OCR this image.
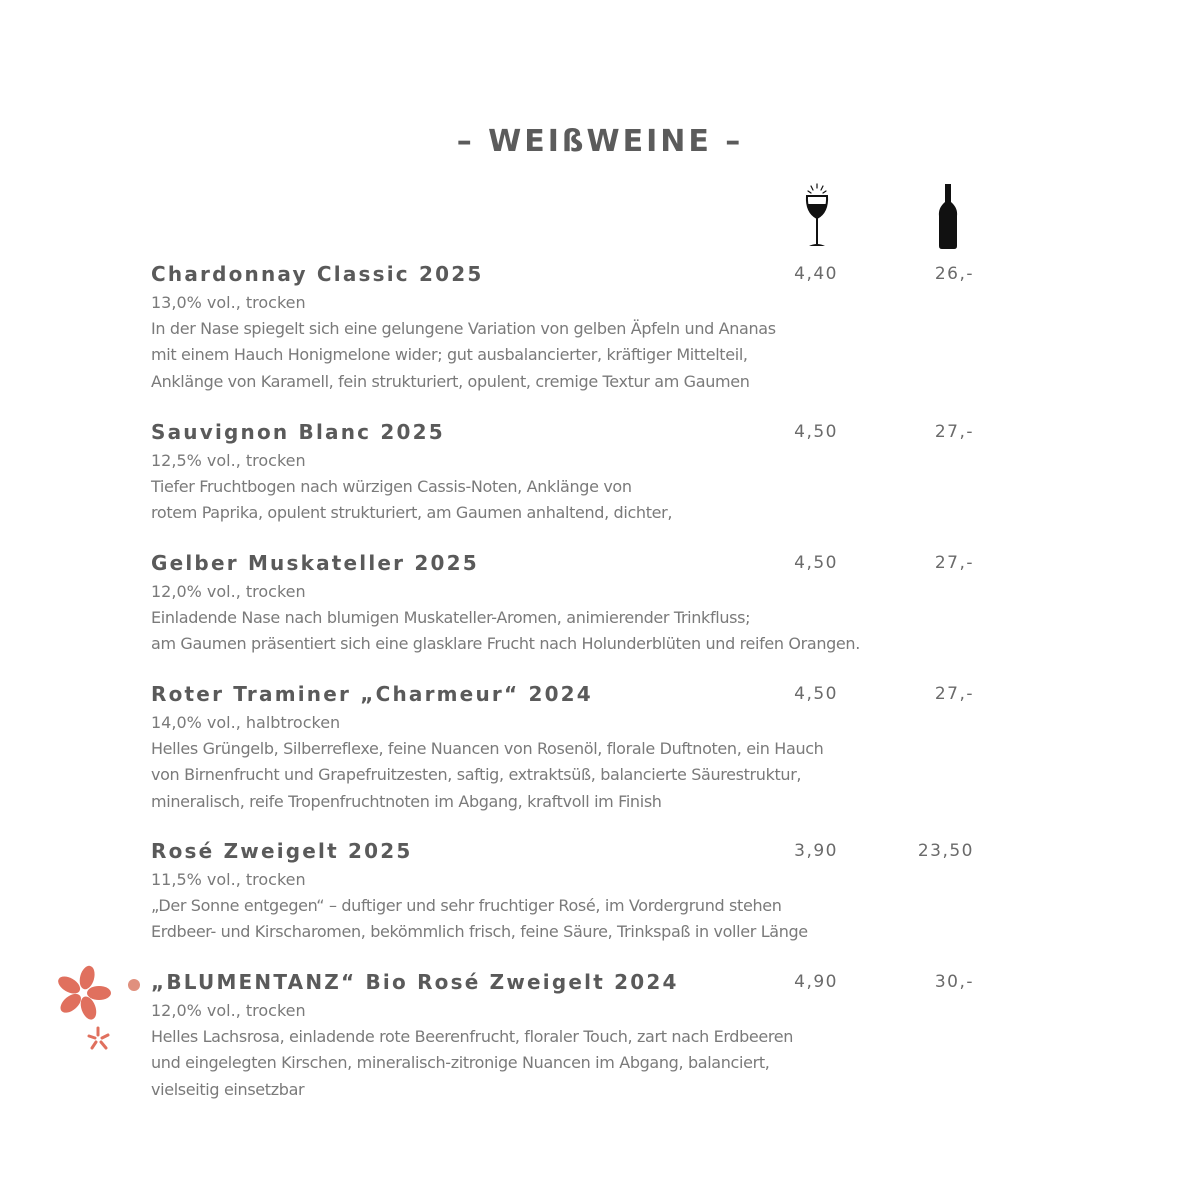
– WEIßWEINE –
Chardonnay Classic 2025	4,40	26,-
13,0% vol., trocken
In der Nase spiegelt sich eine gelungene Variation von gelben Äpfeln und Ananas
mit einem Hauch Honigmelone wider; gut ausbalancierter, kräftiger Mittelteil,
Anklänge von Karamell, fein strukturiert, opulent, cremige Textur am Gaumen
Sauvignon Blanc 2025	4,50	27,-
12,5% vol., trocken
Tiefer Fruchtbogen nach würzigen Cassis-Noten, Anklänge von
rotem Paprika, opulent strukturiert, am Gaumen anhaltend, dichter,
Gelber Muskateller 2025	4,50	27,-
12,0% vol., trocken
Einladende Nase nach blumigen Muskateller-Aromen, animierender Trinkfluss;
am Gaumen präsentiert sich eine glasklare Frucht nach Holunderblüten und reifen Orangen.
Roter Traminer „Charmeur“ 2024	4,50	27,-
14,0% vol., halbtrocken
Helles Grüngelb, Silberreflexe, feine Nuancen von Rosenöl, florale Duftnoten, ein Hauch
von Birnenfrucht und Grapefruitzesten, saftig, extraktsüß, balancierte Säurestruktur,
mineralisch, reife Tropenfruchtnoten im Abgang, kraftvoll im Finish
Rosé Zweigelt 2025	3,90	23,50
11,5% vol., trocken
„Der Sonne entgegen“ – duftiger und sehr fruchtiger Rosé, im Vordergrund stehen
Erdbeer- und Kirscharomen, bekömmlich frisch, feine Säure, Trinkspaß in voller Länge
„BLUMENTANZ“ Bio Rosé Zweigelt 2024	4,90	30,-
12,0% vol., trocken
Helles Lachsrosa, einladende rote Beerenfrucht, floraler Touch, zart nach Erdbeeren
und eingelegten Kirschen, mineralisch-zitronige Nuancen im Abgang, balanciert,
vielseitig einsetzbar
